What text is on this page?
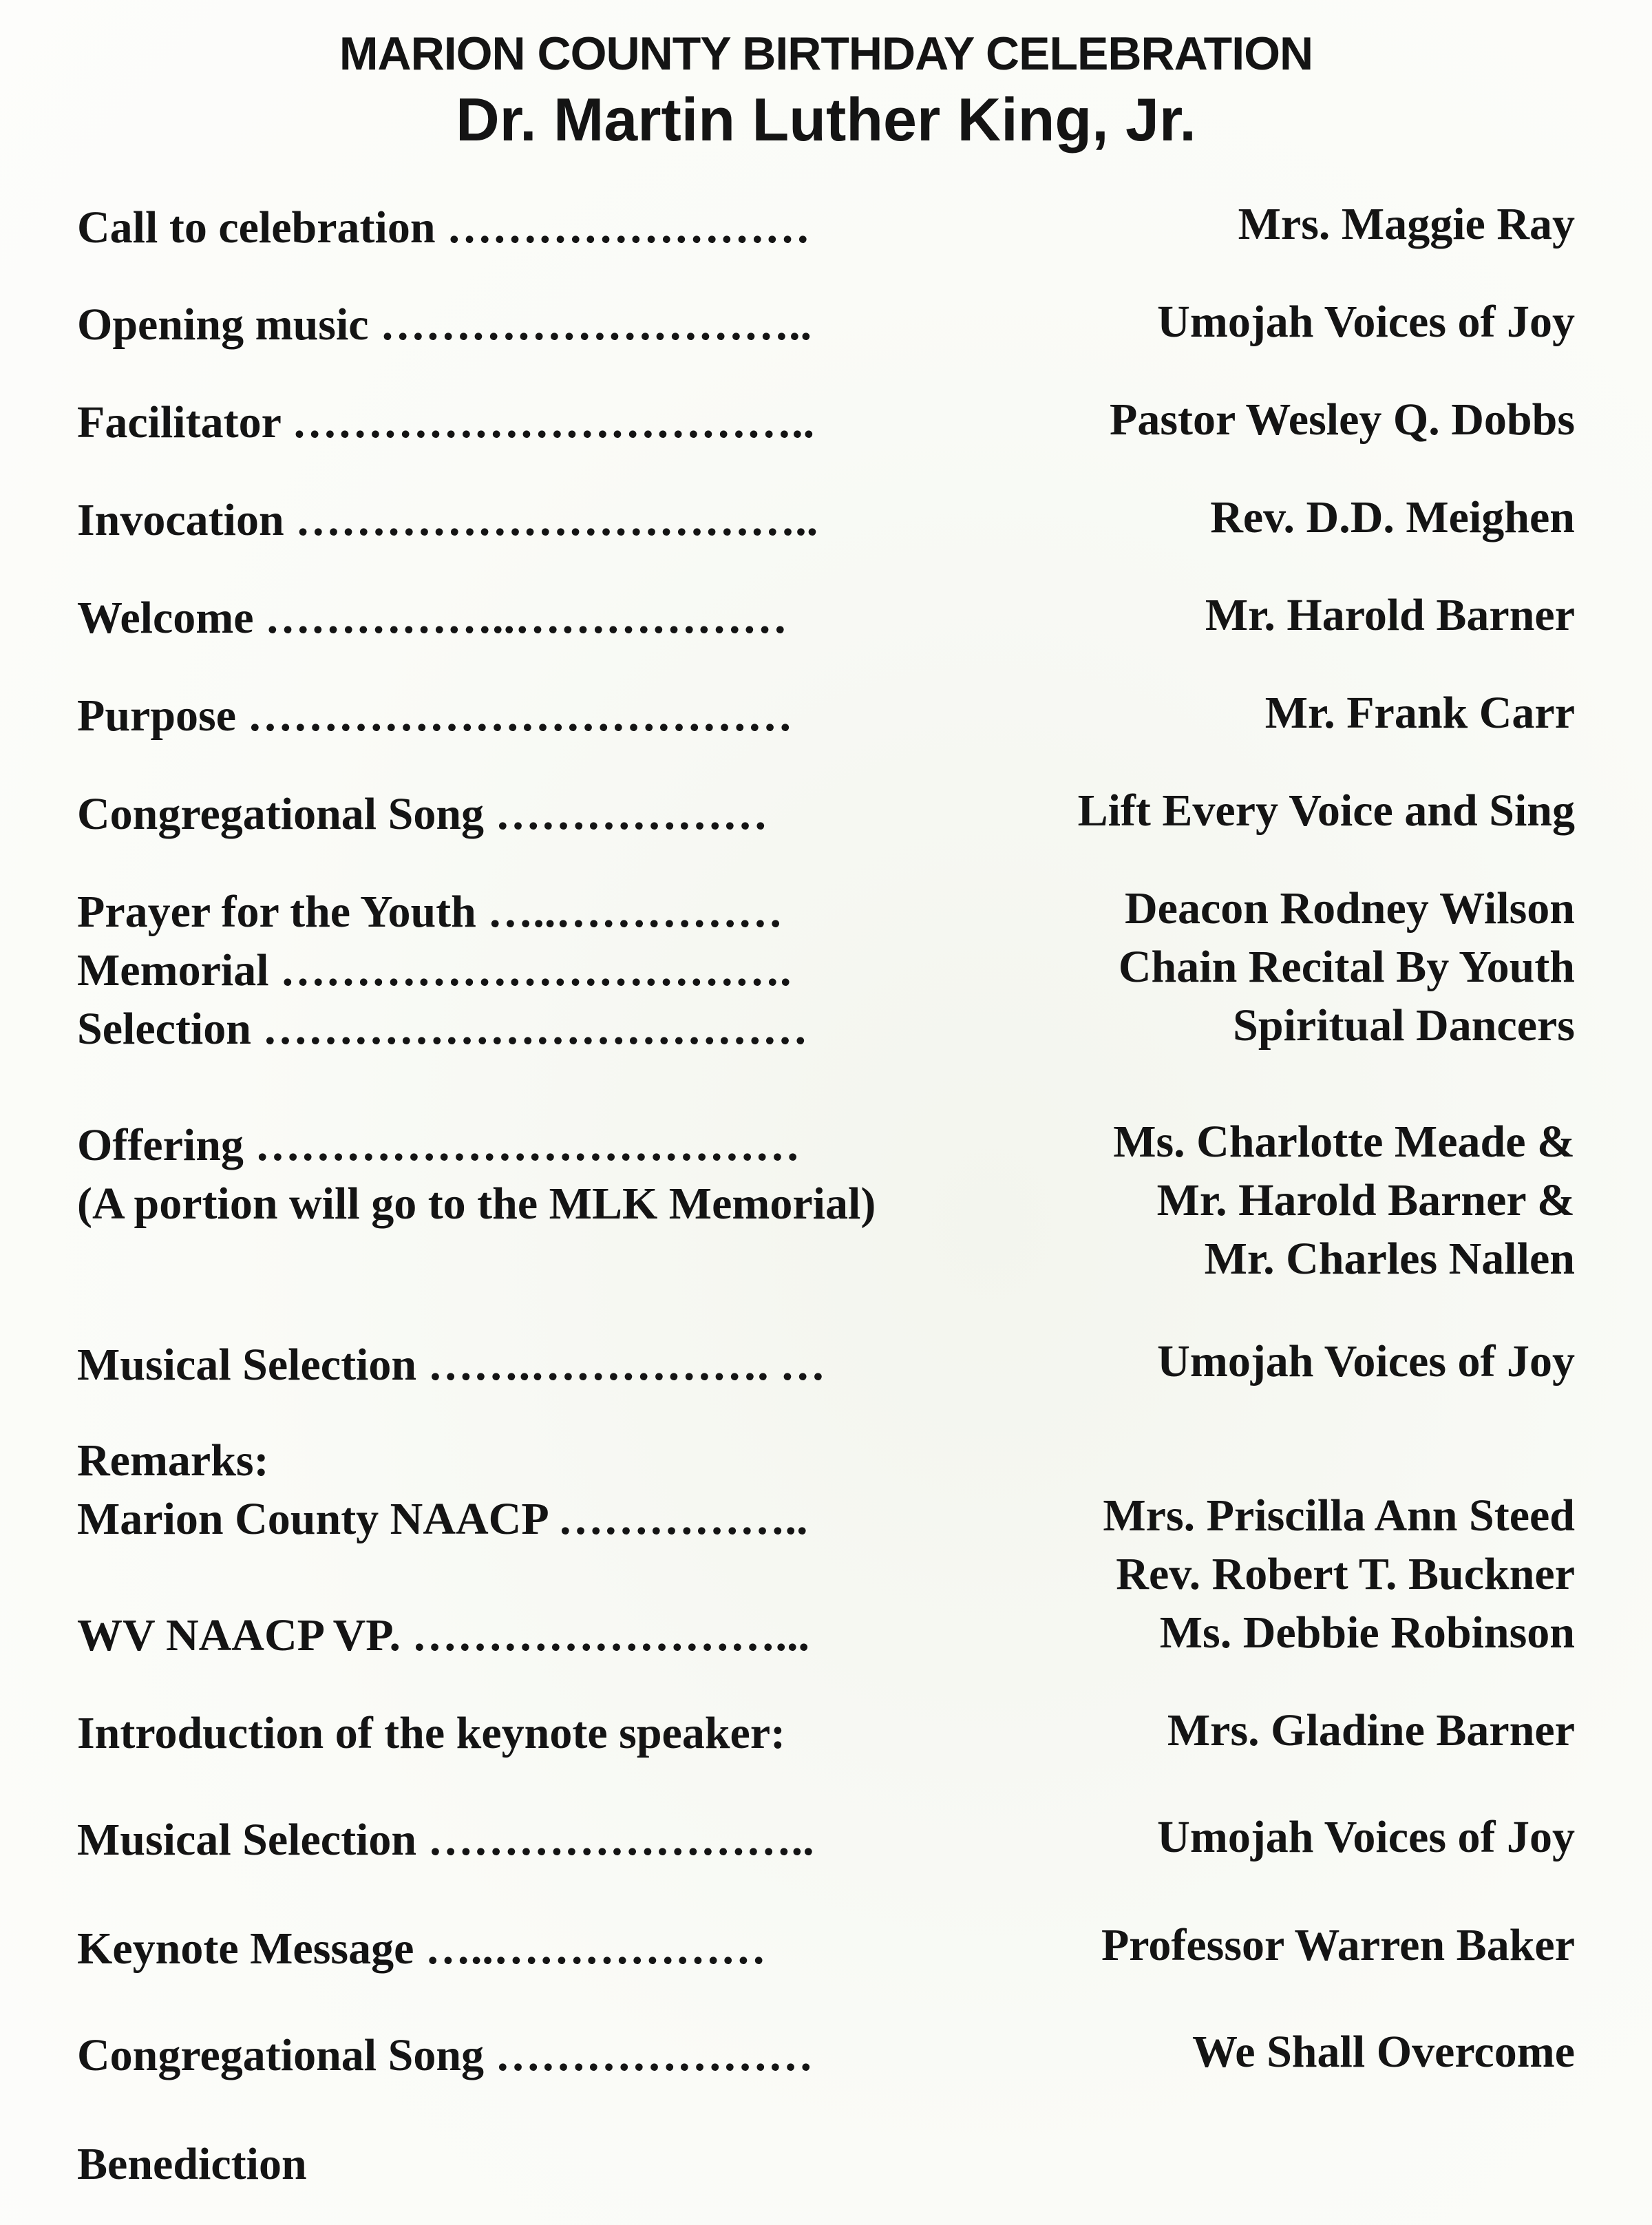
MARION COUNTY BIRTHDAY CELEBRATION
Dr. Martin Luther King, Jr.
Call to celebration ……………………
Opening music ………………………..
Facilitator ……………………………..
Invocation ……………………………..
Welcome ……………..………………
Purpose ………………………………
Congregational Song ………………
Prayer for the Youth …..……………
Memorial …………………………….
Selection ………………………………
Offering ………………………………
(A portion will go to the MLK Memorial)
Musical Selection …….……………. …
Remarks:
Marion County NAACP ……………..
WV NAACP VP. ……………………...
Introduction of the keynote speaker:
Musical Selection ……………………..
Keynote Message …..………………
Congregational Song …………………
Benediction
Mrs. Maggie Ray
Umojah Voices of Joy
Pastor Wesley Q. Dobbs
Rev. D.D. Meighen
Mr. Harold Barner
Mr. Frank Carr
Lift Every Voice and Sing
Deacon Rodney Wilson
Chain Recital By Youth
Spiritual Dancers
Ms. Charlotte Meade &
Mr. Harold Barner &
Mr. Charles Nallen
Umojah Voices of Joy
Mrs. Priscilla Ann Steed
Rev. Robert T. Buckner
Ms. Debbie Robinson
Mrs. Gladine Barner
Umojah Voices of Joy
Professor Warren Baker
We Shall Overcome
